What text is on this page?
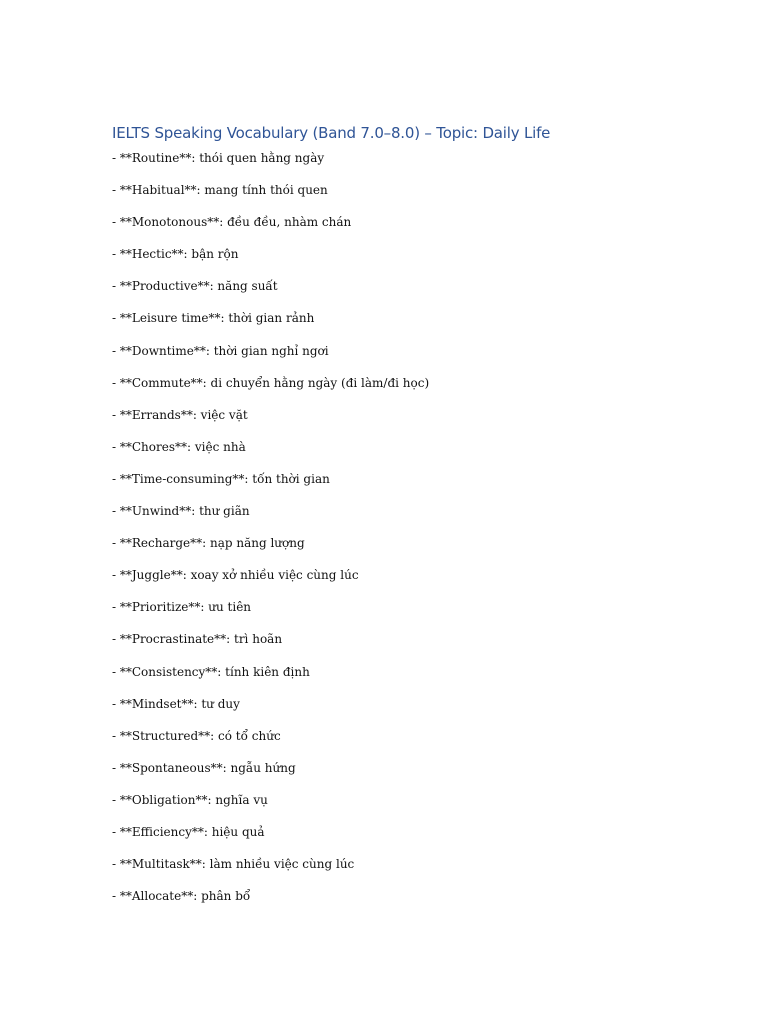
IELTS Speaking Vocabulary (Band 7.0–8.0) – Topic: Daily Life
- **Routine**: thói quen hằng ngày
- **Habitual**: mang tính thói quen
- **Monotonous**: đều đều, nhàm chán
- **Hectic**: bận rộn
- **Productive**: năng suất
- **Leisure time**: thời gian rảnh
- **Downtime**: thời gian nghỉ ngơi
- **Commute**: di chuyển hằng ngày (đi làm/đi học)
- **Errands**: việc vặt
- **Chores**: việc nhà
- **Time-consuming**: tốn thời gian
- **Unwind**: thư giãn
- **Recharge**: nạp năng lượng
- **Juggle**: xoay xở nhiều việc cùng lúc
- **Prioritize**: ưu tiên
- **Procrastinate**: trì hoãn
- **Consistency**: tính kiên định
- **Mindset**: tư duy
- **Structured**: có tổ chức
- **Spontaneous**: ngẫu hứng
- **Obligation**: nghĩa vụ
- **Efficiency**: hiệu quả
- **Multitask**: làm nhiều việc cùng lúc
- **Allocate**: phân bổ
